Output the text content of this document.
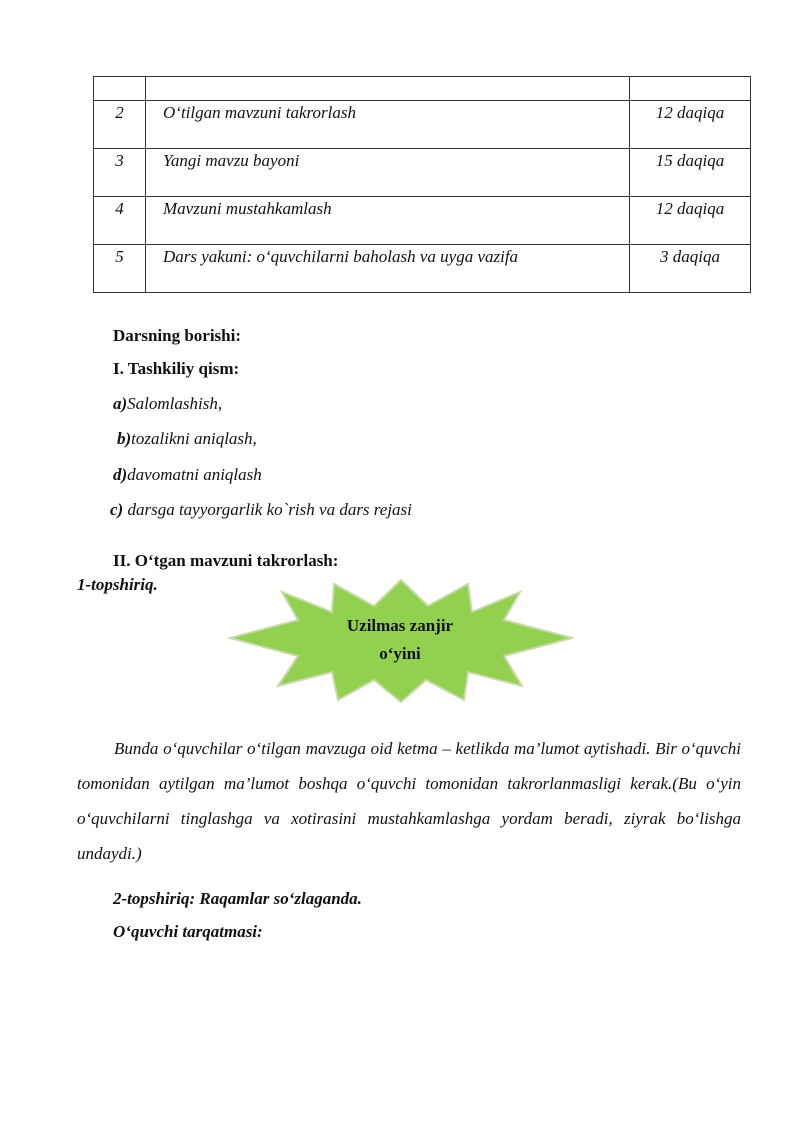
2	O‘tilgan mavzuni takrorlash	12 daqiqa

3	Yangi mavzu bayoni	15 daqiqa

4	Mavzuni mustahkamlash	12 daqiqa

5	Dars yakuni: o‘quvchilarni baholash va uyga vazifa	3 daqiqa
Darsning borishi:
I. Tashkiliy qism:
a)Salomlashish,
b)tozalikni aniqlash,
d)davomatni aniqlash
c) darsga tayyorgarlik ko`rish va dars rejasi
II. O‘tgan mavzuni takrorlash:
1-topshiriq.
Uzilmas zanjir
o‘yini
Bunda o‘quvchilar o‘tilgan mavzuga oid ketma – ketlikda ma’lumot aytishadi. Bir o‘quvchi tomonidan aytilgan ma’lumot boshqa o‘quvchi tomonidan takrorlanmasligi kerak.(Bu o‘yin o‘quvchilarni tinglashga va xotirasini mustahkamlashga yordam beradi, ziyrak bo‘lishga undaydi.)
2-topshiriq: Raqamlar so‘zlaganda.
O‘quvchi tarqatmasi:
